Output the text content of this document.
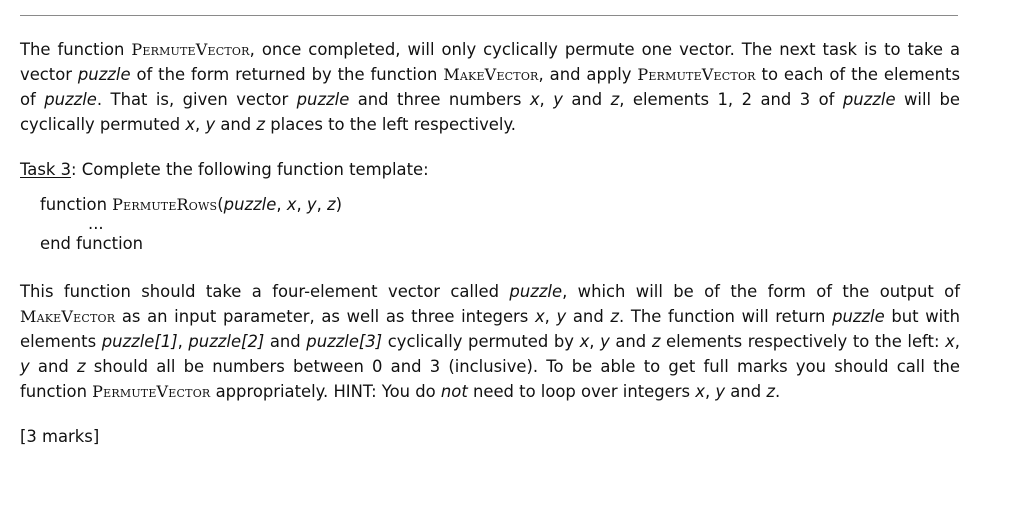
The function PermuteVector, once completed, will only cyclically permute one vector. The next task is to take a vector puzzle of the form returned by the function MakeVector, and apply PermuteVector to each of the elements of puzzle. That is, given vector puzzle and three numbers x, y and z, elements 1, 2 and 3 of puzzle will be cyclically permuted x, y and z places to the left respectively.

Task 3: Complete the following function template:

function PermuteRows(puzzle, x, y, z)
...
end function

This function should take a four-element vector called puzzle, which will be of the form of the output of MakeVector as an input parameter, as well as three integers x, y and z. The function will return puzzle but with elements puzzle[1], puzzle[2] and puzzle[3] cyclically permuted by x, y and z elements respectively to the left: x, y and z should all be numbers between 0 and 3 (inclusive). To be able to get full marks you should call the function PermuteVector appropriately. HINT: You do not need to loop over integers x, y and z.

[3 marks]
